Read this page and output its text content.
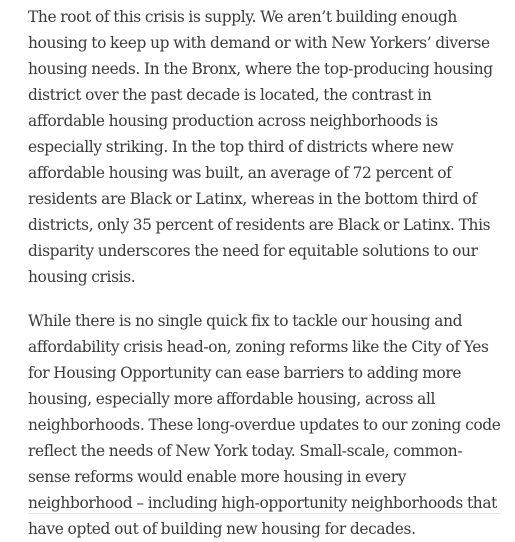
The root of this crisis is supply. We aren’t building enough housing to keep up with demand or with New Yorkers’ diverse housing needs. In the Bronx, where the top-producing housing district over the past decade is located, the contrast in affordable housing production across neighborhoods is especially striking. In the top third of districts where new affordable housing was built, an average of 72 percent of residents are Black or Latinx, whereas in the bottom third of districts, only 35 percent of residents are Black or Latinx. This disparity underscores the need for equitable solutions to our housing crisis.

While there is no single quick fix to tackle our housing and affordability crisis head-on, zoning reforms like the City of Yes for Housing Opportunity can ease barriers to adding more housing, especially more affordable housing, across all neighborhoods. These long-overdue updates to our zoning code reflect the needs of New York today. Small-scale, common-sense reforms would enable more housing in every neighborhood – including high-opportunity neighborhoods that have opted out of building new housing for decades.
